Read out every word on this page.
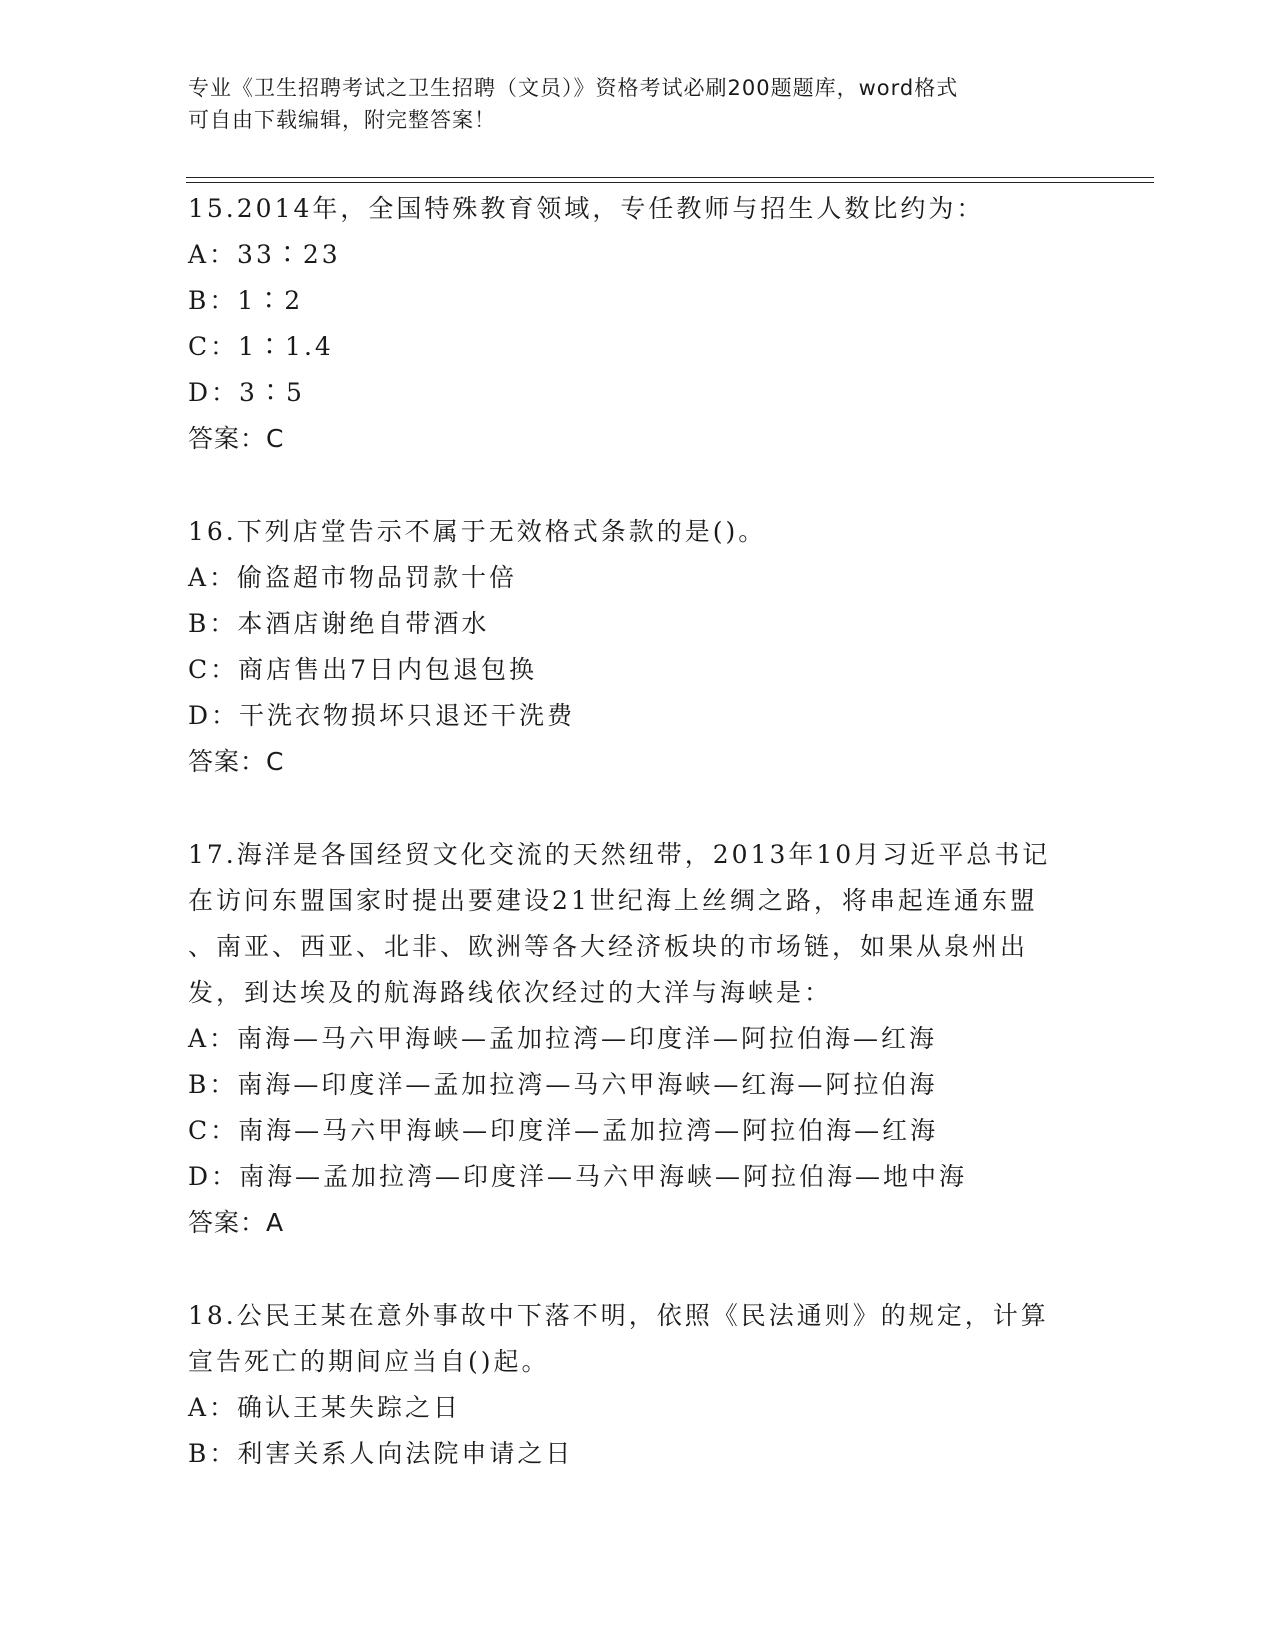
专业《卫生招聘考试之卫生招聘（文员）》资格考试必刷200题题库，word格式
可自由下载编辑，附完整答案！
15.2014年，全国特殊教育领域，专任教师与招生人数比约为：
A：33∶23
B：1∶2
C：1∶1.4
D：3∶5
答案：C
16.下列店堂告示不属于无效格式条款的是()。
A：偷盗超市物品罚款十倍
B：本酒店谢绝自带酒水
C：商店售出7日内包退包换
D：干洗衣物损坏只退还干洗费
答案：C
17.海洋是各国经贸文化交流的天然纽带，2013年10月习近平总书记
在访问东盟国家时提出要建设21世纪海上丝绸之路，将串起连通东盟
、南亚、西亚、北非、欧洲等各大经济板块的市场链，如果从泉州出
发，到达埃及的航海路线依次经过的大洋与海峡是：
A：南海—马六甲海峡—孟加拉湾—印度洋—阿拉伯海—红海
B：南海—印度洋—孟加拉湾—马六甲海峡—红海—阿拉伯海
C：南海—马六甲海峡—印度洋—孟加拉湾—阿拉伯海—红海
D：南海—孟加拉湾—印度洋—马六甲海峡—阿拉伯海—地中海
答案：A
18.公民王某在意外事故中下落不明，依照《民法通则》的规定，计算
宣告死亡的期间应当自()起。
A：确认王某失踪之日
B：利害关系人向法院申请之日
